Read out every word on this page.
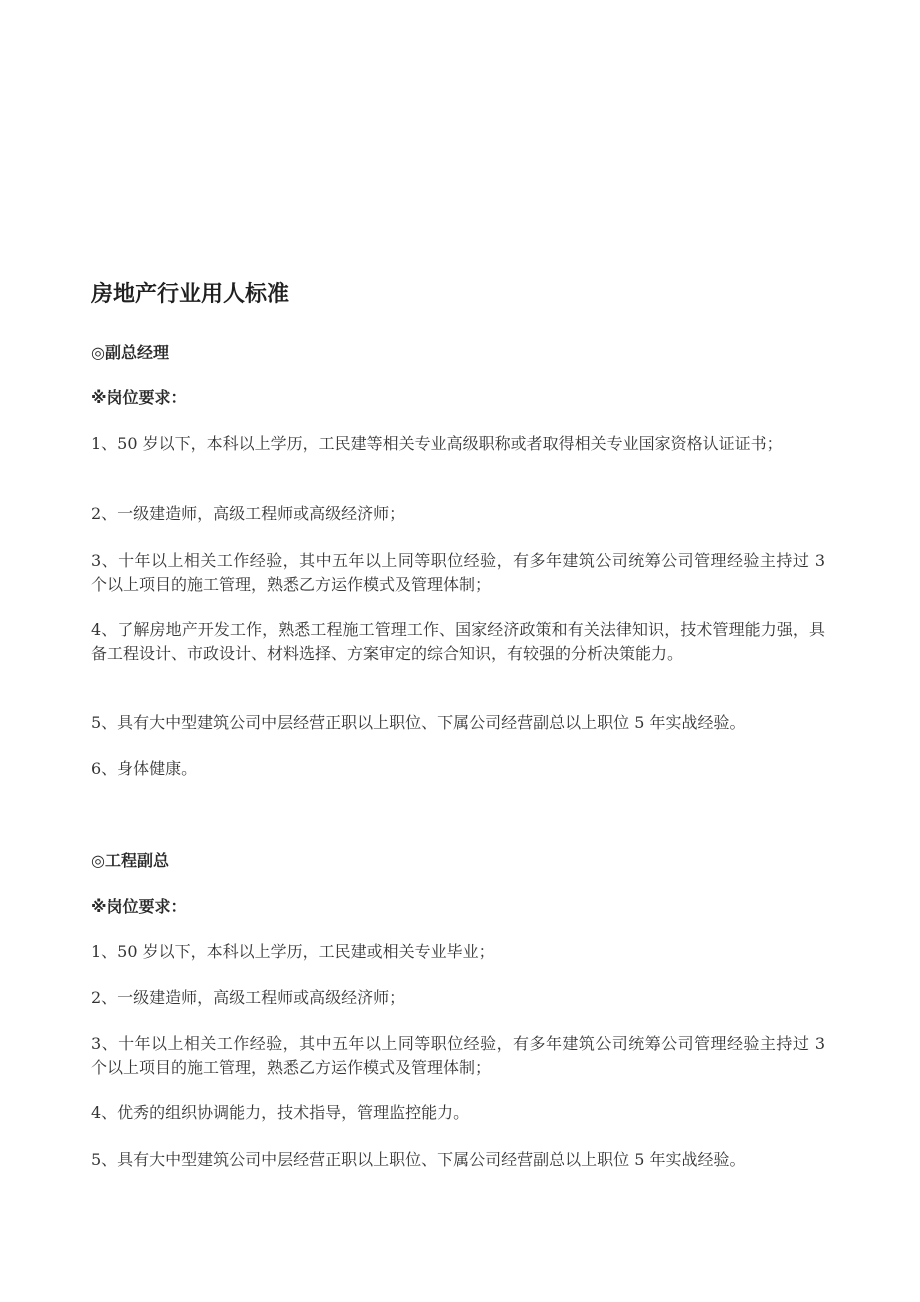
房地产行业用人标准
◎副总经理
※岗位要求：
1、50 岁以下，本科以上学历，工民建等相关专业高级职称或者取得相关专业国家资格认证证书；
2、一级建造师，高级工程师或高级经济师；
3、十年以上相关工作经验，其中五年以上同等职位经验，有多年建筑公司统筹公司管理经验主持过 3 个以上项目的施工管理，熟悉乙方运作模式及管理体制；
4、了解房地产开发工作，熟悉工程施工管理工作、国家经济政策和有关法律知识，技术管理能力强，具备工程设计、市政设计、材料选择、方案审定的综合知识，有较强的分析决策能力。
5、具有大中型建筑公司中层经营正职以上职位、下属公司经营副总以上职位 5 年实战经验。
6、身体健康。
◎工程副总
※岗位要求：
1、50 岁以下，本科以上学历，工民建或相关专业毕业；
2、一级建造师，高级工程师或高级经济师；
3、十年以上相关工作经验，其中五年以上同等职位经验，有多年建筑公司统筹公司管理经验主持过 3 个以上项目的施工管理，熟悉乙方运作模式及管理体制；
4、优秀的组织协调能力，技术指导，管理监控能力。
5、具有大中型建筑公司中层经营正职以上职位、下属公司经营副总以上职位 5 年实战经验。
